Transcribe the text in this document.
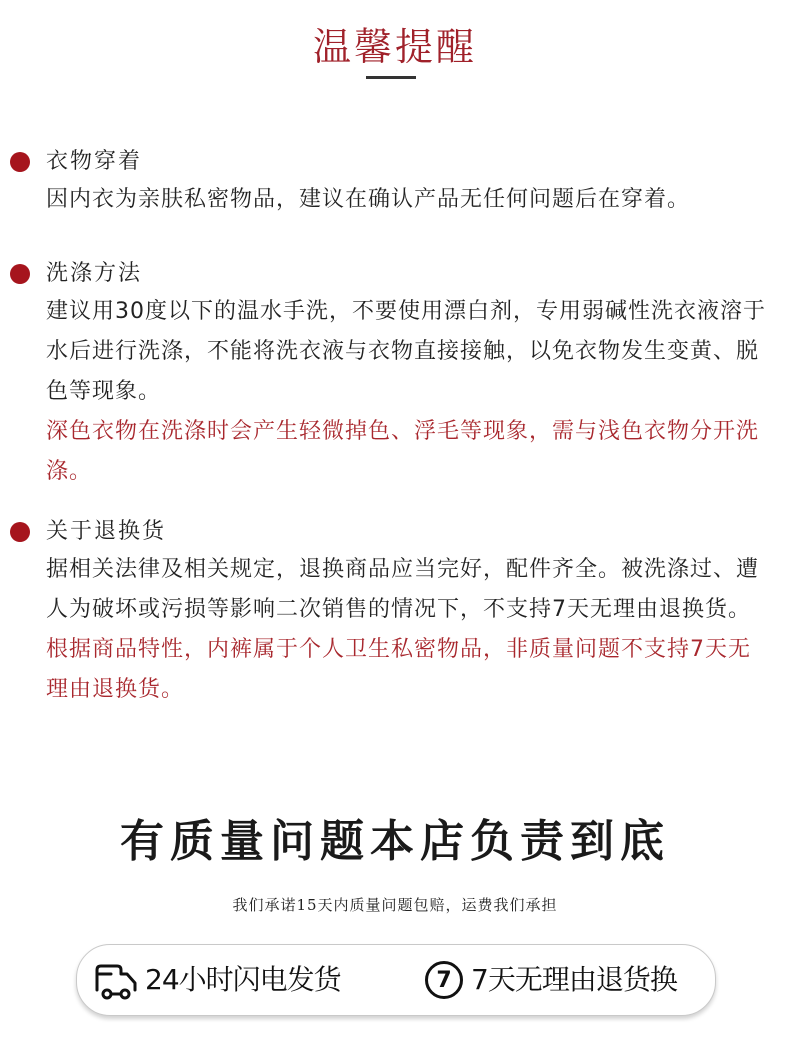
温馨提醒
衣物穿着

因内衣为亲肤私密物品，建议在确认产品无任何问题后在穿着。

洗涤方法

建议用30度以下的温水手洗，不要使用漂白剂，专用弱碱性洗衣液溶于水后进行洗涤，不能将洗衣液与衣物直接接触，以免衣物发生变黄、脱色等现象。

深色衣物在洗涤时会产生轻微掉色、浮毛等现象，需与浅色衣物分开洗涤。

关于退换货

据相关法律及相关规定，退换商品应当完好，配件齐全。被洗涤过、遭人为破坏或污损等影响二次销售的情况下，不支持7天无理由退换货。

根据商品特性，内裤属于个人卫生私密物品，非质量问题不支持7天无理由退换货。

有质量问题本店负责到底
我们承诺15天内质量问题包赔，运费我们承担
24小时闪电发货	7 7天无理由退货换
